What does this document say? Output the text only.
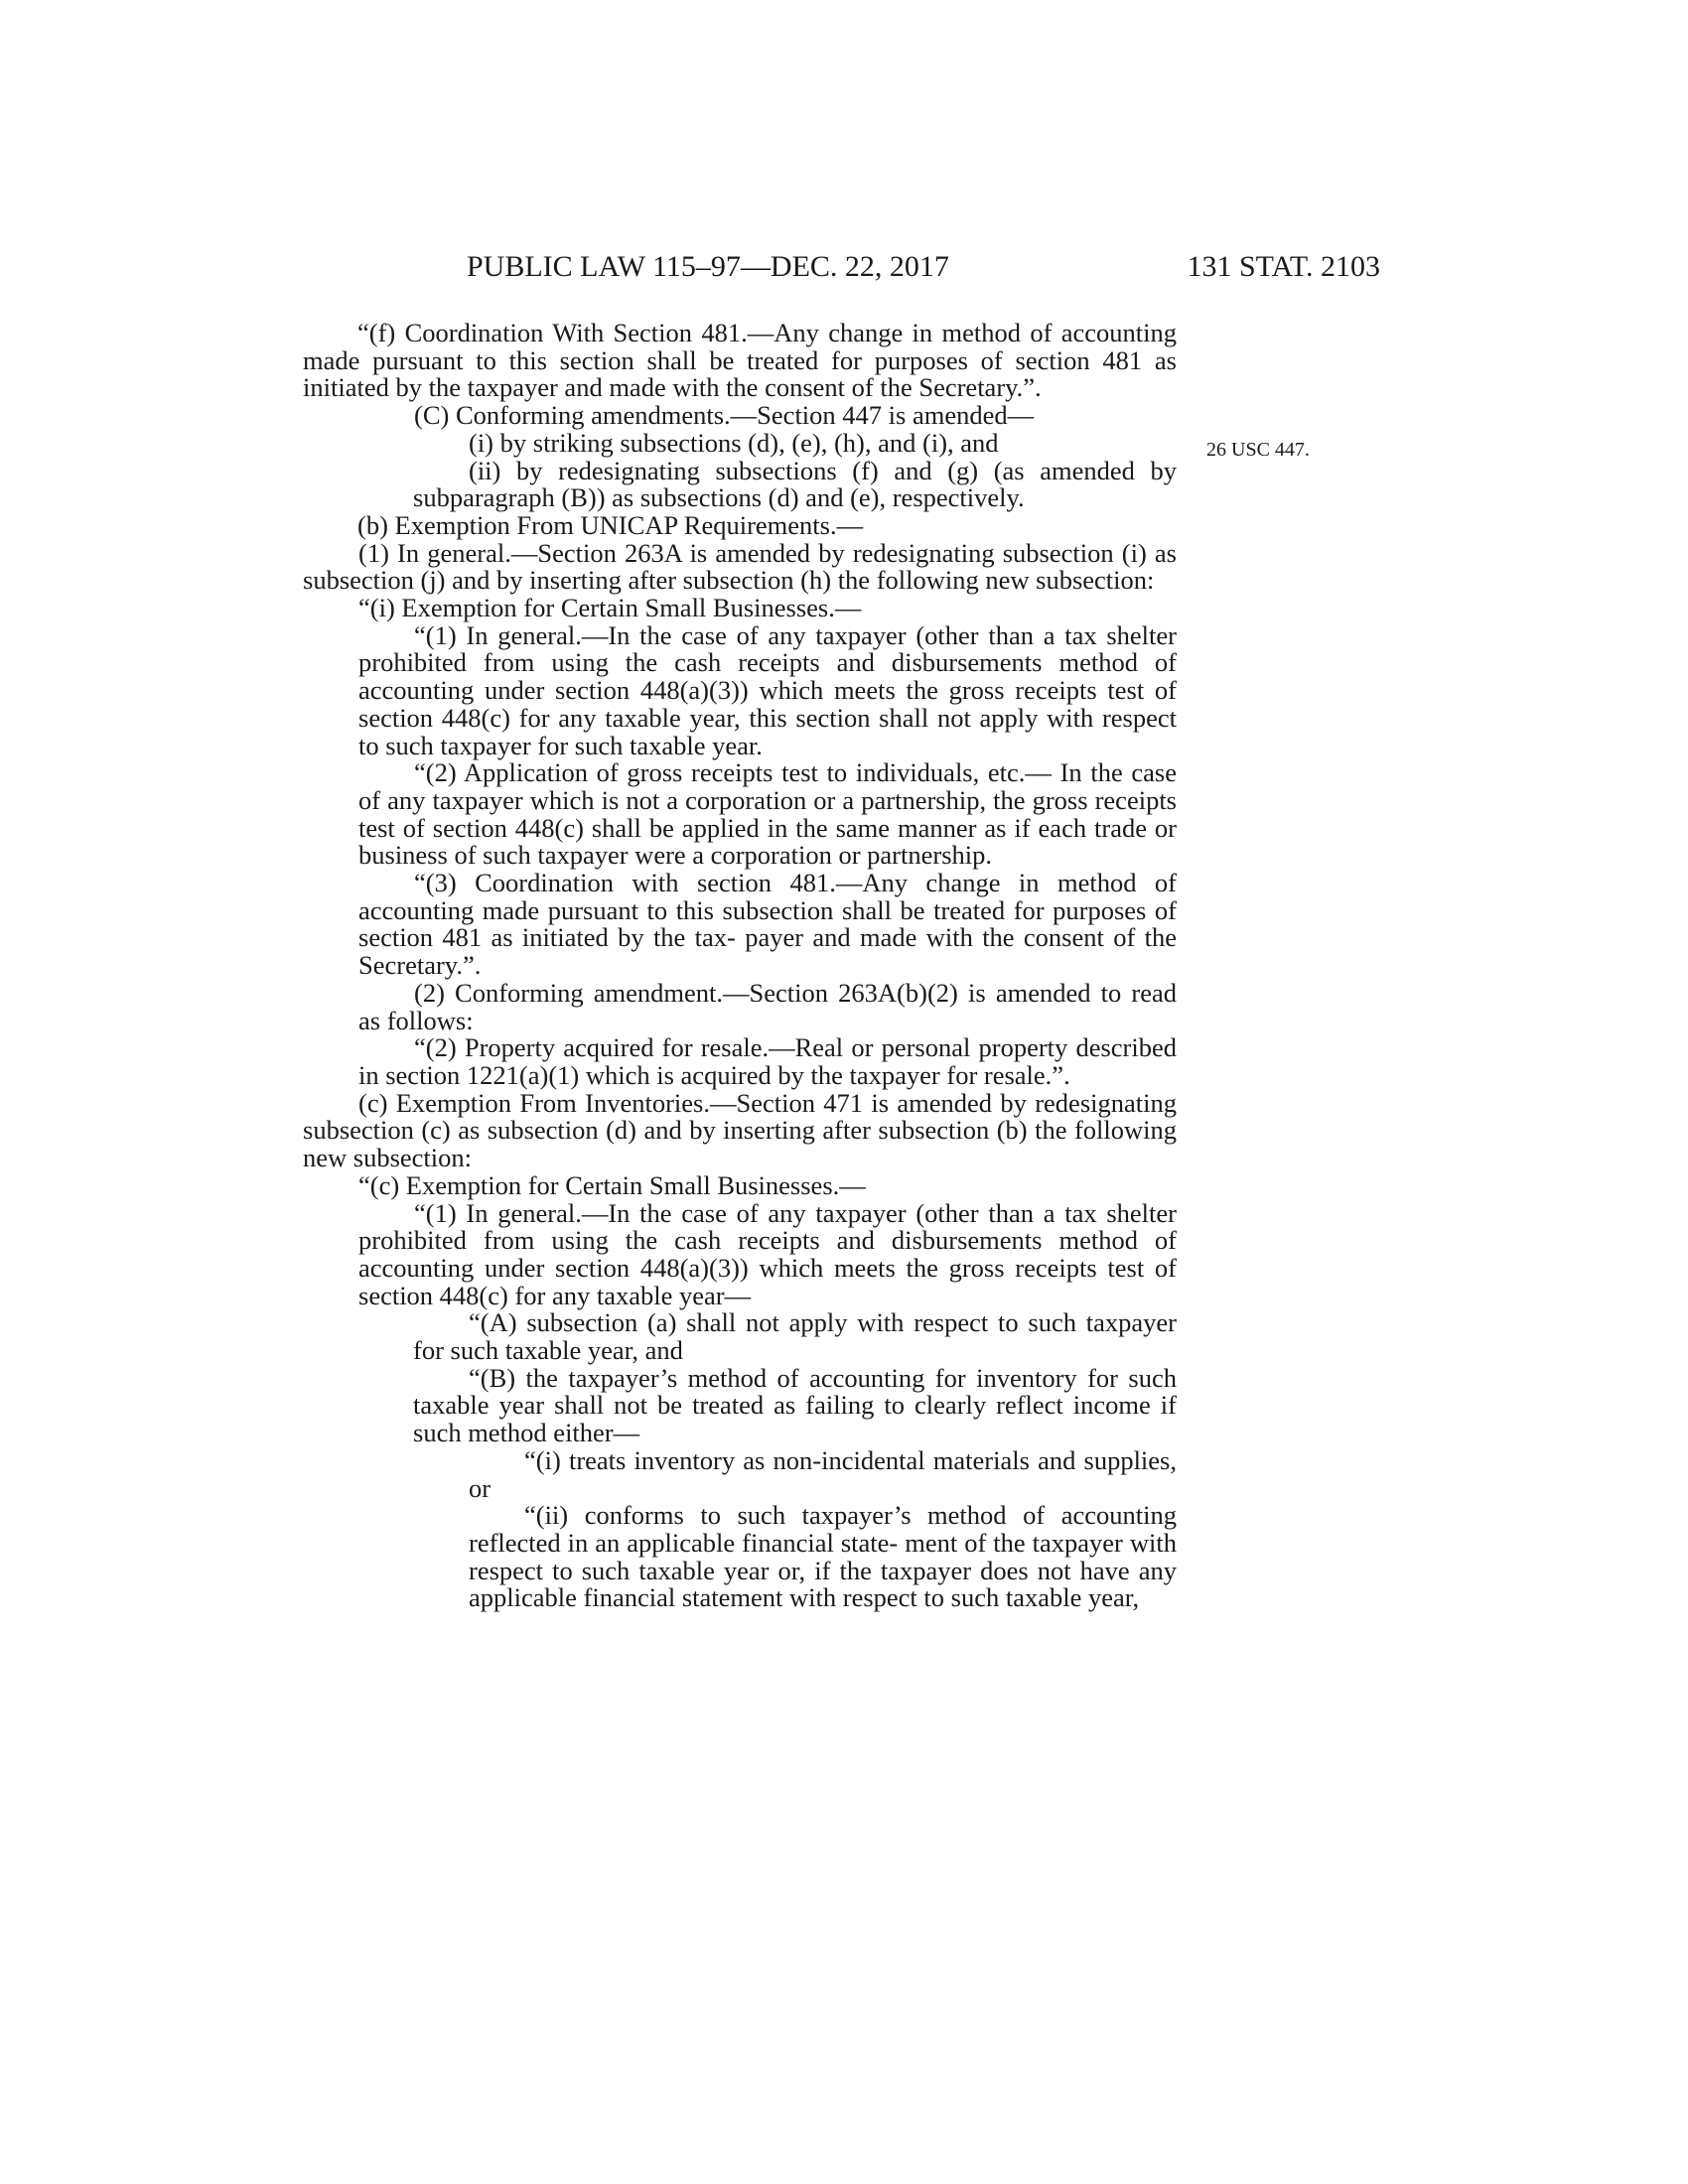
PUBLIC LAW 115–97—DEC. 22, 2017	131 STAT. 2103
26 USC 447.

“(f) Coordination With Section 481.—Any change in method of accounting made pursuant to this section shall be treated for purposes of section 481 as initiated by the taxpayer and made with the consent of the Secretary.”.

(C) Conforming amendments.—Section 447 is amended—

(i) by striking subsections (d), (e), (h), and (i), and

(ii) by redesignating subsections (f) and (g) (as amended by subparagraph (B)) as subsections (d) and (e), respectively.

(b) Exemption From UNICAP Requirements.—

(1) In general.—Section 263A is amended by redesignating subsection (i) as subsection (j) and by inserting after subsection (h) the following new subsection:

“(i) Exemption for Certain Small Businesses.—

“(1) In general.—In the case of any taxpayer (other than a tax shelter prohibited from using the cash receipts and disbursements method of accounting under section 448(a)(3)) which meets the gross receipts test of section 448(c) for any taxable year, this section shall not apply with respect to such taxpayer for such taxable year.

“(2) Application of gross receipts test to individuals, etc.— In the case of any taxpayer which is not a corporation or a partnership, the gross receipts test of section 448(c) shall be applied in the same manner as if each trade or business of such taxpayer were a corporation or partnership.

“(3) Coordination with section 481.—Any change in method of accounting made pursuant to this subsection shall be treated for purposes of section 481 as initiated by the tax- payer and made with the consent of the Secretary.”.

(2) Conforming amendment.—Section 263A(b)(2) is amended to read as follows:

“(2) Property acquired for resale.—Real or personal property described in section 1221(a)(1) which is acquired by the taxpayer for resale.”.

(c) Exemption From Inventories.—Section 471 is amended by redesignating subsection (c) as subsection (d) and by inserting after subsection (b) the following new subsection:

“(c) Exemption for Certain Small Businesses.—

“(1) In general.—In the case of any taxpayer (other than a tax shelter prohibited from using the cash receipts and disbursements method of accounting under section 448(a)(3)) which meets the gross receipts test of section 448(c) for any taxable year—

“(A) subsection (a) shall not apply with respect to such taxpayer for such taxable year, and

“(B) the taxpayer’s method of accounting for inventory for such taxable year shall not be treated as failing to clearly reflect income if such method either—

“(i) treats inventory as non-incidental materials and supplies, or

“(ii) conforms to such taxpayer’s method of accounting reflected in an applicable financial state- ment of the taxpayer with respect to such taxable year or, if the taxpayer does not have any applicable financial statement with respect to such taxable year,
